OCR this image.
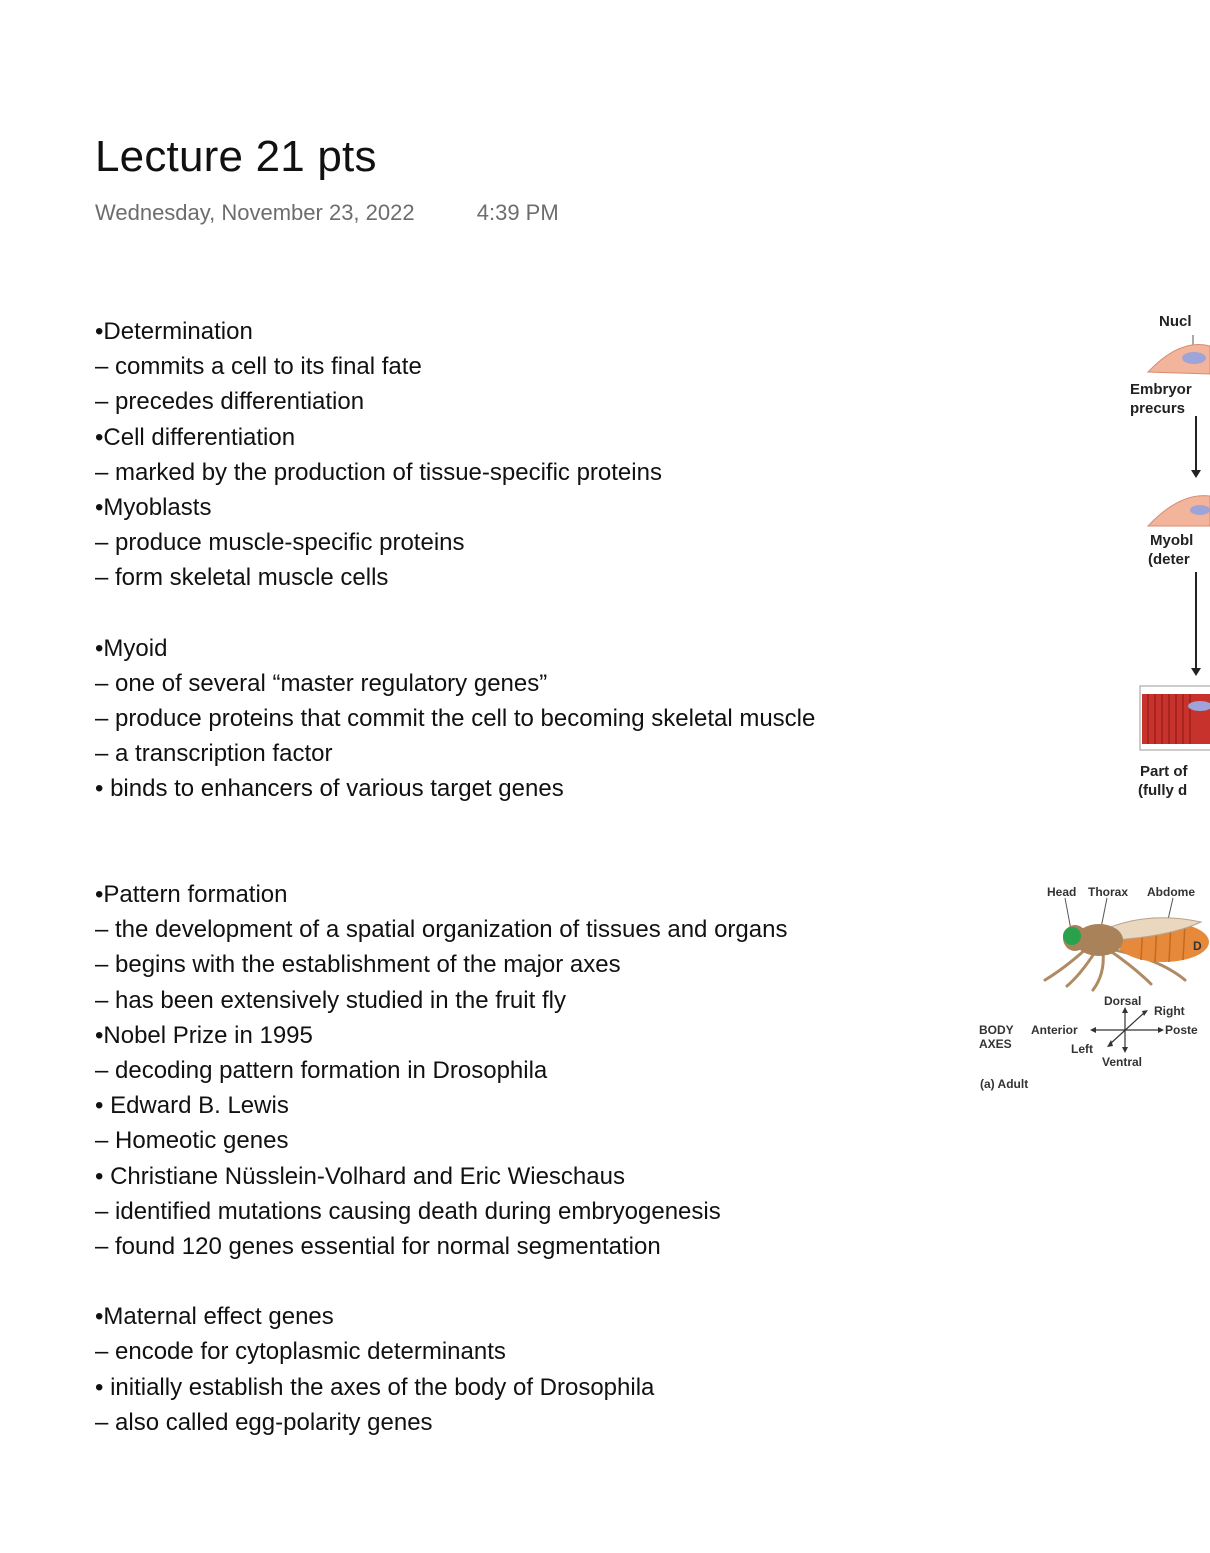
Lecture 21 pts
Wednesday, November 23, 2022	4:39 PM
•Determination
– commits a cell to its final fate
– precedes differentiation
•Cell differentiation
– marked by the production of tissue-specific proteins
•Myoblasts
– produce muscle-specific proteins
– form skeletal muscle cells
•Myoid
– one of several “master regulatory genes”
– produce proteins that commit the cell to becoming skeletal muscle
– a transcription factor
• binds to enhancers of various target genes
•Pattern formation
– the development of a spatial organization of tissues and organs
– begins with the establishment of the major axes
– has been extensively studied in the fruit fly
•Nobel Prize in 1995
– decoding pattern formation in Drosophila
• Edward B. Lewis
– Homeotic genes
• Christiane Nüsslein-Volhard and Eric Wieschaus
– identified mutations causing death during embryogenesis
– found 120 genes essential for normal segmentation
•Maternal effect genes
– encode for cytoplasmic determinants
• initially establish the axes of the body of Drosophila
– also called egg-polarity genes
Nucl
Embryor
precurs
Myobl
(deter
Part of
(fully d
Head Thorax Abdome
D
Dorsal
Right
Anterior	Poste
Left
Ventral
BODY
AXES
(a) Adult
